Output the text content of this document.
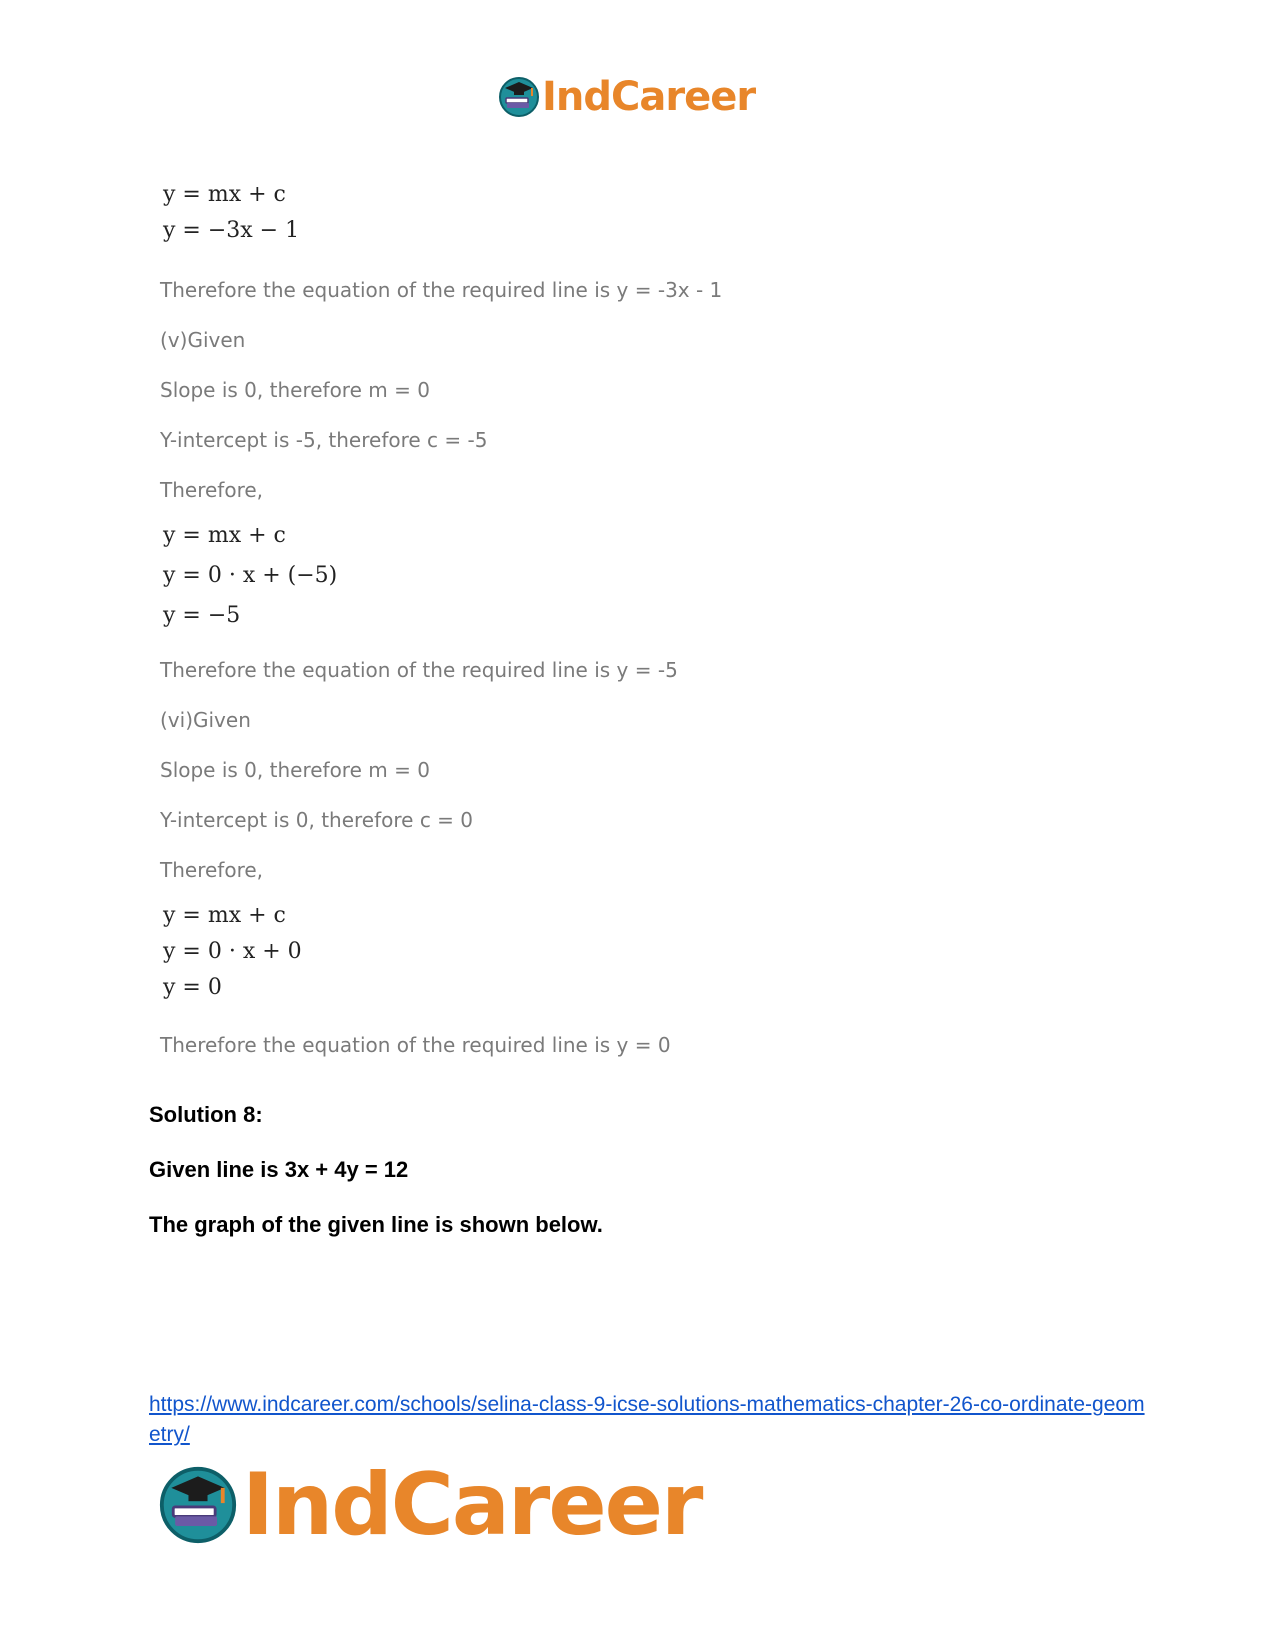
IndCareer

y = mx + c

y = −3x − 1

Therefore the equation of the required line is y = -3x - 1

(v)Given

Slope is 0, therefore m = 0

Y-intercept is -5, therefore c = -5

Therefore,

y = mx + c

y = 0 · x + (−5)

y = −5

Therefore the equation of the required line is y = -5

(vi)Given

Slope is 0, therefore m = 0

Y-intercept is 0, therefore c = 0

Therefore,

y = mx + c

y = 0 · x + 0

y = 0

Therefore the equation of the required line is y = 0

Solution 8:

Given line is 3x + 4y = 12

The graph of the given line is shown below.

https://www.indcareer.com/schools/selina-class-9-icse-solutions-mathematics-chapter-26-co-ordinate-geometry/
IndCareer
